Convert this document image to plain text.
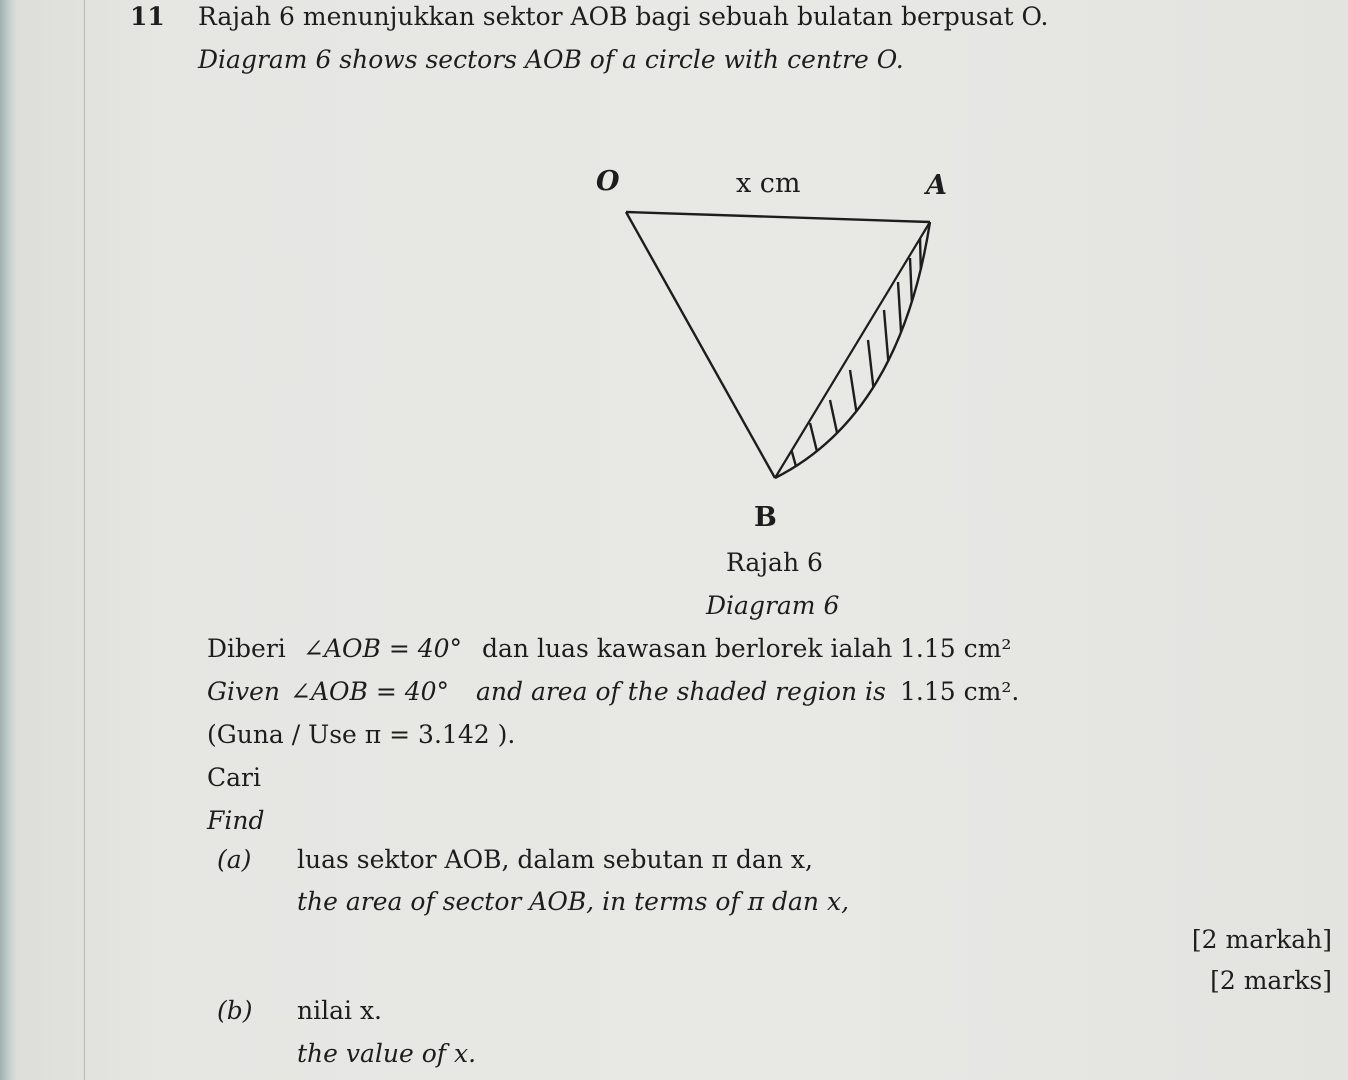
11 Rajah 6 menunjukkan sektor AOB bagi sebuah bulatan berpusat O.
Diagram 6 shows sectors AOB of a circle with centre O.
O	x cm	A
B
Rajah 6
Diagram 6
Diberi ∠AOB = 40° dan luas kawasan berlorek ialah 1.15 cm²
Given ∠AOB = 40° and area of the shaded region is 1.15 cm².
(Guna / Use π = 3.142 ).
Cari
Find
(a) luas sektor AOB, dalam sebutan π dan x,
the area of sector AOB, in terms of π dan x,
[2 markah]
[2 marks]
(b) nilai x.
the value of x.
